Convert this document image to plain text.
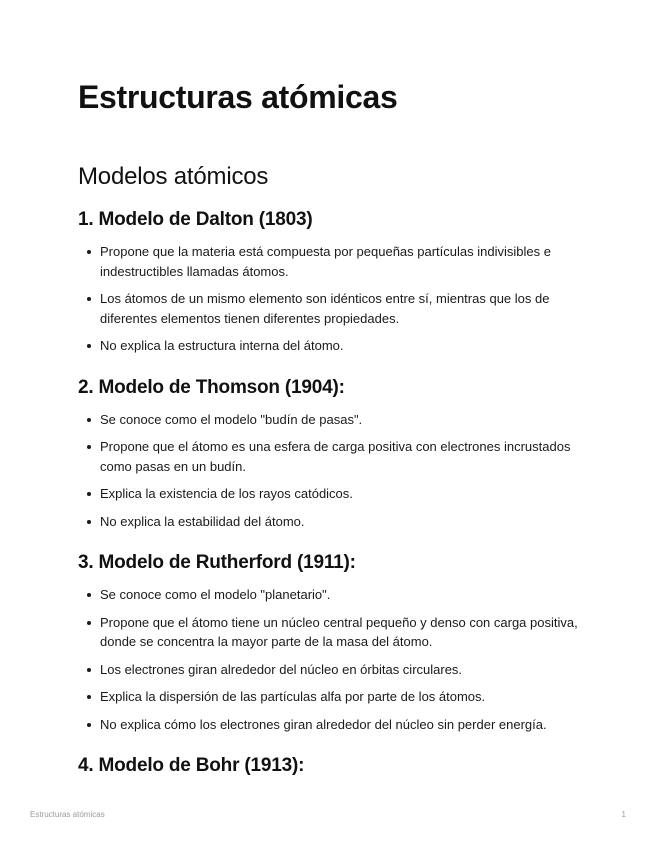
Estructuras atómicas
Modelos atómicos
1. Modelo de Dalton (1803)
Propone que la materia está compuesta por pequeñas partículas indivisibles e indestructibles llamadas átomos.
Los átomos de un mismo elemento son idénticos entre sí, mientras que los de diferentes elementos tienen diferentes propiedades.
No explica la estructura interna del átomo.
2. Modelo de Thomson (1904):
Se conoce como el modelo "budín de pasas".
Propone que el átomo es una esfera de carga positiva con electrones incrustados como pasas en un budín.
Explica la existencia de los rayos catódicos.
No explica la estabilidad del átomo.
3. Modelo de Rutherford (1911):
Se conoce como el modelo "planetario".
Propone que el átomo tiene un núcleo central pequeño y denso con carga positiva, donde se concentra la mayor parte de la masa del átomo.
Los electrones giran alrededor del núcleo en órbitas circulares.
Explica la dispersión de las partículas alfa por parte de los átomos.
No explica cómo los electrones giran alrededor del núcleo sin perder energía.
4. Modelo de Bohr (1913):
Estructuras atómicas	1
